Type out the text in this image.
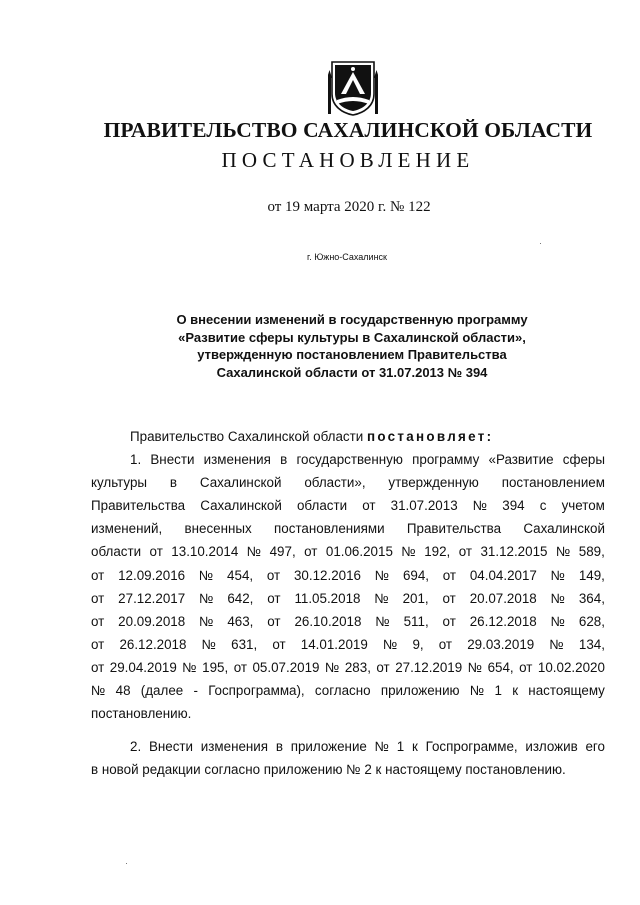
ПРАВИТЕЛЬСТВО САХАЛИНСКОЙ ОБЛАСТИ
ПОСТАНОВЛЕНИЕ
от 19 марта 2020 г. № 122
г. Южно-Сахалинск
О внесении изменений в государственную программу
«Развитие сферы культуры в Сахалинской области»,
утвержденную постановлением Правительства
Сахалинской области от 31.07.2013 № 394
Правительство Сахалинской области постановляет:
1. Внести изменения в государственную программу «Развитие сферы
культуры в Сахалинской области», утвержденную постановлением
Правительства Сахалинской области от 31.07.2013 № 394 с учетом
изменений, внесенных постановлениями Правительства Сахалинской
области от 13.10.2014 № 497, от 01.06.2015 № 192, от 31.12.2015 № 589,
от 12.09.2016 № 454, от 30.12.2016 № 694, от 04.04.2017 № 149,
от 27.12.2017 № 642, от 11.05.2018 № 201, от 20.07.2018 № 364,
от 20.09.2018 № 463, от 26.10.2018 № 511, от 26.12.2018 № 628,
от 26.12.2018 № 631, от 14.01.2019 № 9, от 29.03.2019 № 134,
от 29.04.2019 № 195, от 05.07.2019 № 283, от 27.12.2019 № 654, от 10.02.2020
№ 48 (далее - Госпрограмма), согласно приложению № 1 к настоящему
постановлению.
2. Внести изменения в приложение № 1 к Госпрограмме, изложив его
в новой редакции согласно приложению № 2 к настоящему постановлению.
